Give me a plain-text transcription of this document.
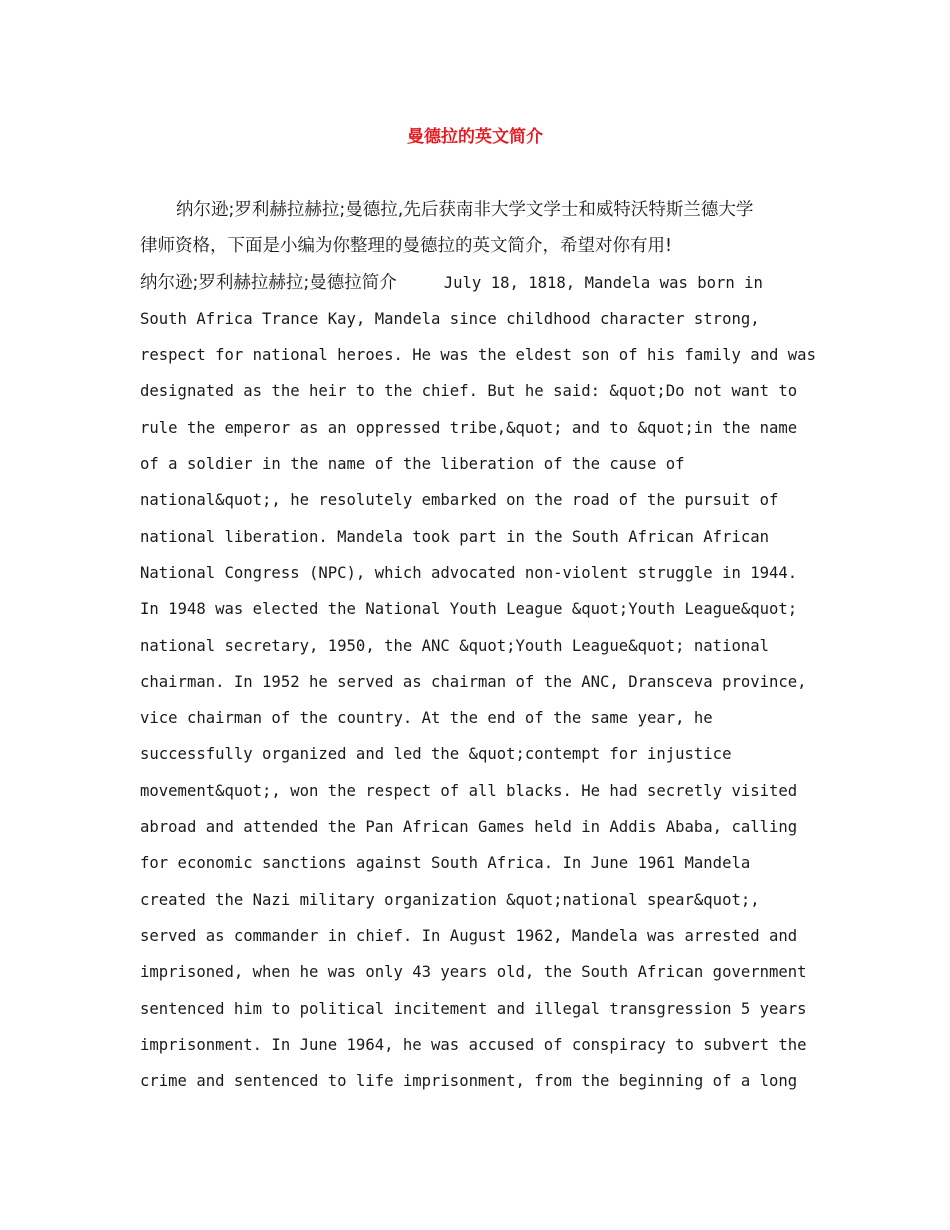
曼德拉的英文简介
纳尔逊;罗利赫拉赫拉;曼德拉,先后获南非大学文学士和威特沃特斯兰德大学
律师资格，下面是小编为你整理的曼德拉的英文简介，希望对你有用!
纳尔逊;罗利赫拉赫拉;曼德拉简介	July 18, 1818, Mandela was born in
South Africa Trance Kay, Mandela since childhood character strong,
respect for national heroes. He was the eldest son of his family and was
designated as the heir to the chief. But he said: &quot;Do not want to
rule the emperor as an oppressed tribe,&quot; and to &quot;in the name
of a soldier in the name of the liberation of the cause of
national&quot;, he resolutely embarked on the road of the pursuit of
national liberation. Mandela took part in the South African African
National Congress (NPC), which advocated non-violent struggle in 1944.
In 1948 was elected the National Youth League &quot;Youth League&quot;
national secretary, 1950, the ANC &quot;Youth League&quot; national
chairman. In 1952 he served as chairman of the ANC, Dransceva province,
vice chairman of the country. At the end of the same year, he
successfully organized and led the &quot;contempt for injustice
movement&quot;, won the respect of all blacks. He had secretly visited
abroad and attended the Pan African Games held in Addis Ababa, calling
for economic sanctions against South Africa. In June 1961 Mandela
created the Nazi military organization &quot;national spear&quot;,
served as commander in chief. In August 1962, Mandela was arrested and
imprisoned, when he was only 43 years old, the South African government
sentenced him to political incitement and illegal transgression 5 years
imprisonment. In June 1964, he was accused of conspiracy to subvert the
crime and sentenced to life imprisonment, from the beginning of a long
